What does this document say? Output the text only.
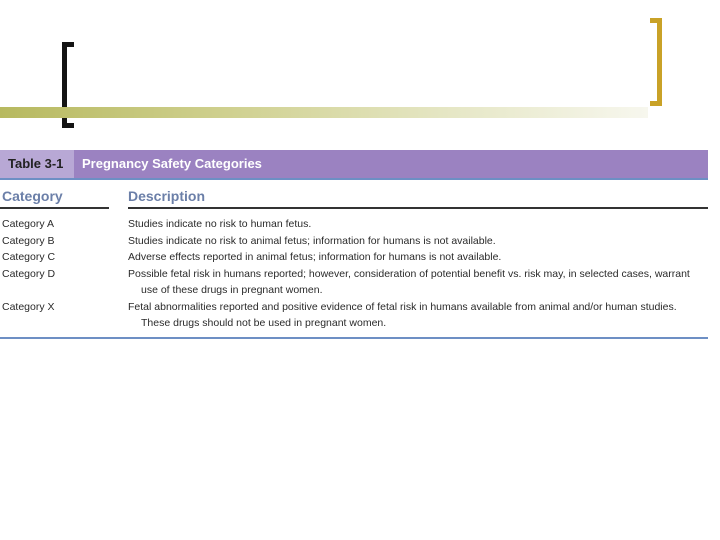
Table 3-1	Pregnancy Safety Categories
Category	Description
Category A	Studies indicate no risk to human fetus.
Category B	Studies indicate no risk to animal fetus; information for humans is not available.
Category C	Adverse effects reported in animal fetus; information for humans is not available.
Category D	Possible fetal risk in humans reported; however, consideration of potential benefit vs. risk may, in selected cases, warrant use of these drugs in pregnant women.
Category X	Fetal abnormalities reported and positive evidence of fetal risk in humans available from animal and/or human studies. These drugs should not be used in pregnant women.
